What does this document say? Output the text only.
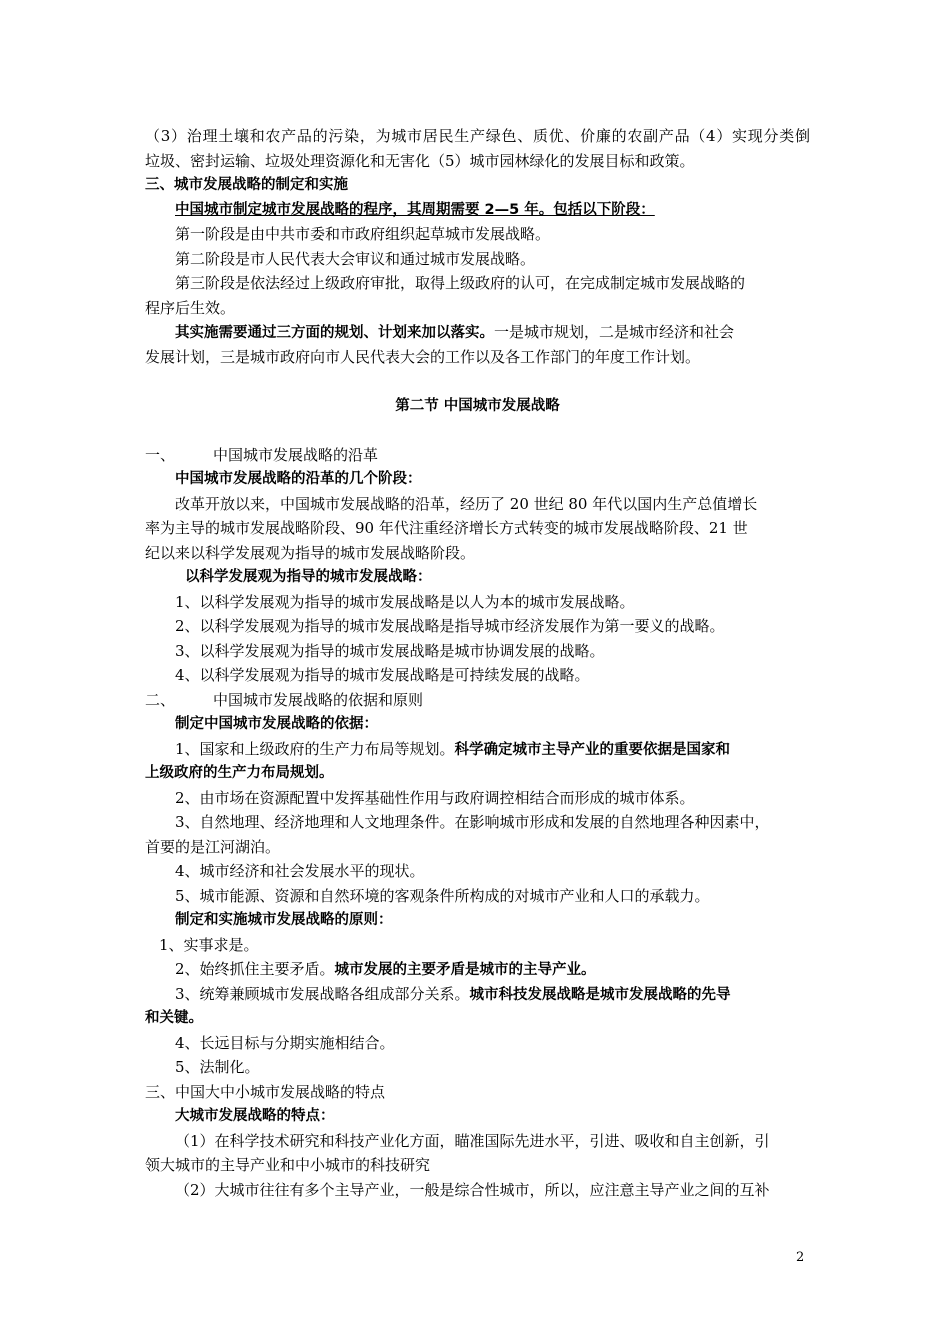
（3）治理土壤和农产品的污染，为城市居民生产绿色、质优、价廉的农副产品（4）实现分类倒
垃圾、密封运输、垃圾处理资源化和无害化（5）城市园林绿化的发展目标和政策。
三、城市发展战略的制定和实施
中国城市制定城市发展战略的程序，其周期需要 2—5 年。包括以下阶段：
第一阶段是由中共市委和市政府组织起草城市发展战略。
第二阶段是市人民代表大会审议和通过城市发展战略。
第三阶段是依法经过上级政府审批，取得上级政府的认可，在完成制定城市发展战略的
程序后生效。
其实施需要通过三方面的规划、计划来加以落实。一是城市规划，二是城市经济和社会
发展计划，三是城市政府向市人民代表大会的工作以及各工作部门的年度工作计划。
第二节 中国城市发展战略
一、	中国城市发展战略的沿革
中国城市发展战略的沿革的几个阶段：
改革开放以来，中国城市发展战略的沿革，经历了 20 世纪 80 年代以国内生产总值增长
率为主导的城市发展战略阶段、90 年代注重经济增长方式转变的城市发展战略阶段、21 世
纪以来以科学发展观为指导的城市发展战略阶段。
以科学发展观为指导的城市发展战略：
1、以科学发展观为指导的城市发展战略是以人为本的城市发展战略。
2、以科学发展观为指导的城市发展战略是指导城市经济发展作为第一要义的战略。
3、以科学发展观为指导的城市发展战略是城市协调发展的战略。
4、以科学发展观为指导的城市发展战略是可持续发展的战略。
二、	中国城市发展战略的依据和原则
制定中国城市发展战略的依据：
1、国家和上级政府的生产力布局等规划。科学确定城市主导产业的重要依据是国家和
上级政府的生产力布局规划。
2、由市场在资源配置中发挥基础性作用与政府调控相结合而形成的城市体系。
3、自然地理、经济地理和人文地理条件。在影响城市形成和发展的自然地理各种因素中，
首要的是江河湖泊。
4、城市经济和社会发展水平的现状。
5、城市能源、资源和自然环境的客观条件所构成的对城市产业和人口的承载力。
制定和实施城市发展战略的原则：
1、实事求是。
2、始终抓住主要矛盾。城市发展的主要矛盾是城市的主导产业。
3、统筹兼顾城市发展战略各组成部分关系。城市科技发展战略是城市发展战略的先导
和关键。
4、长远目标与分期实施相结合。
5、法制化。
三、中国大中小城市发展战略的特点
大城市发展战略的特点：
（1）在科学技术研究和科技产业化方面，瞄准国际先进水平，引进、吸收和自主创新，引
领大城市的主导产业和中小城市的科技研究
（2）大城市往往有多个主导产业，一般是综合性城市，所以，应注意主导产业之间的互补
2
